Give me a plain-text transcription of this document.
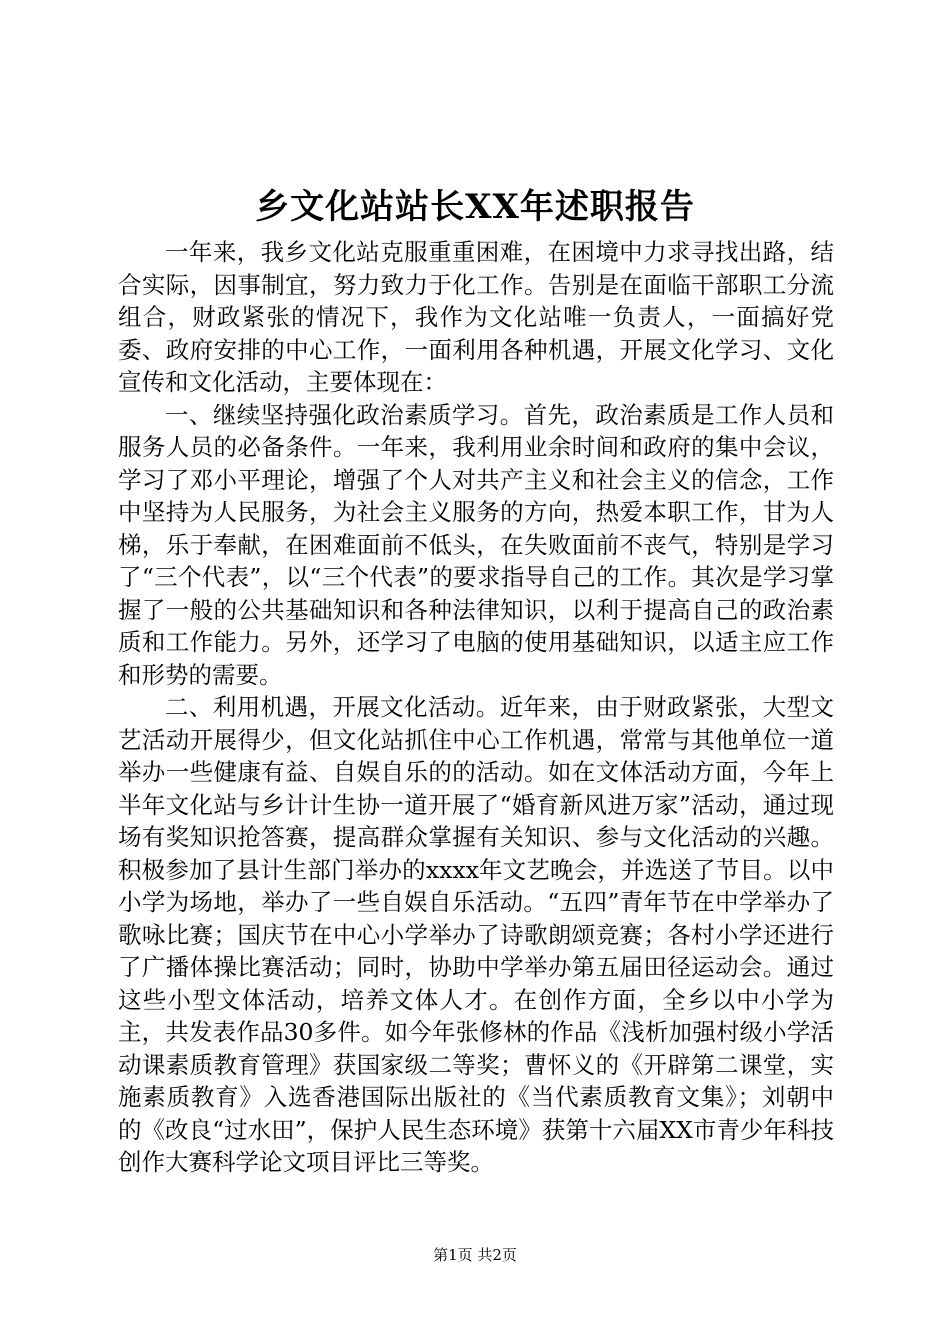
乡文化站站长XX年述职报告

一年来，我乡文化站克服重重困难，在困境中力求寻找出路，结合实际，因事制宜，努力致力于化工作。告别是在面临干部职工分流组合，财政紧张的情况下，我作为文化站唯一负责人，一面搞好党委、政府安排的中心工作，一面利用各种机遇，开展文化学习、文化宣传和文化活动，主要体现在：

一、继续坚持强化政治素质学习。首先，政治素质是工作人员和服务人员的必备条件。一年来，我利用业余时间和政府的集中会议，学习了邓小平理论，增强了个人对共产主义和社会主义的信念，工作中坚持为人民服务，为社会主义服务的方向，热爱本职工作，甘为人梯，乐于奉献，在困难面前不低头，在失败面前不丧气，特别是学习了“三个代表”，以“三个代表”的要求指导自己的工作。其次是学习掌握了一般的公共基础知识和各种法律知识，以利于提高自己的政治素质和工作能力。另外，还学习了电脑的使用基础知识，以适主应工作和形势的需要。

二、利用机遇，开展文化活动。近年来，由于财政紧张，大型文艺活动开展得少，但文化站抓住中心工作机遇，常常与其他单位一道举办一些健康有益、自娱自乐的的活动。如在文体活动方面，今年上半年文化站与乡计计生协一道开展了“婚育新风进万家”活动，通过现场有奖知识抢答赛，提高群众掌握有关知识、参与文化活动的兴趣。积极参加了县计生部门举办的xxxx年文艺晚会，并选送了节目。以中小学为场地，举办了一些自娱自乐活动。“五四”青年节在中学举办了歌咏比赛；国庆节在中心小学举办了诗歌朗颂竞赛；各村小学还进行了广播体操比赛活动；同时，协助中学举办第五届田径运动会。通过这些小型文体活动，培养文体人才。在创作方面，全乡以中小学为主，共发表作品30多件。如今年张修林的作品《浅析加强村级小学活动课素质教育管理》获国家级二等奖；曹怀义的《开辟第二课堂，实施素质教育》入选香港国际出版社的《当代素质教育文集》；刘朝中的《改良“过水田”，保护人民生态环境》获第十六届XX市青少年科技创作大赛科学论文项目评比三等奖。

第1页 共2页
